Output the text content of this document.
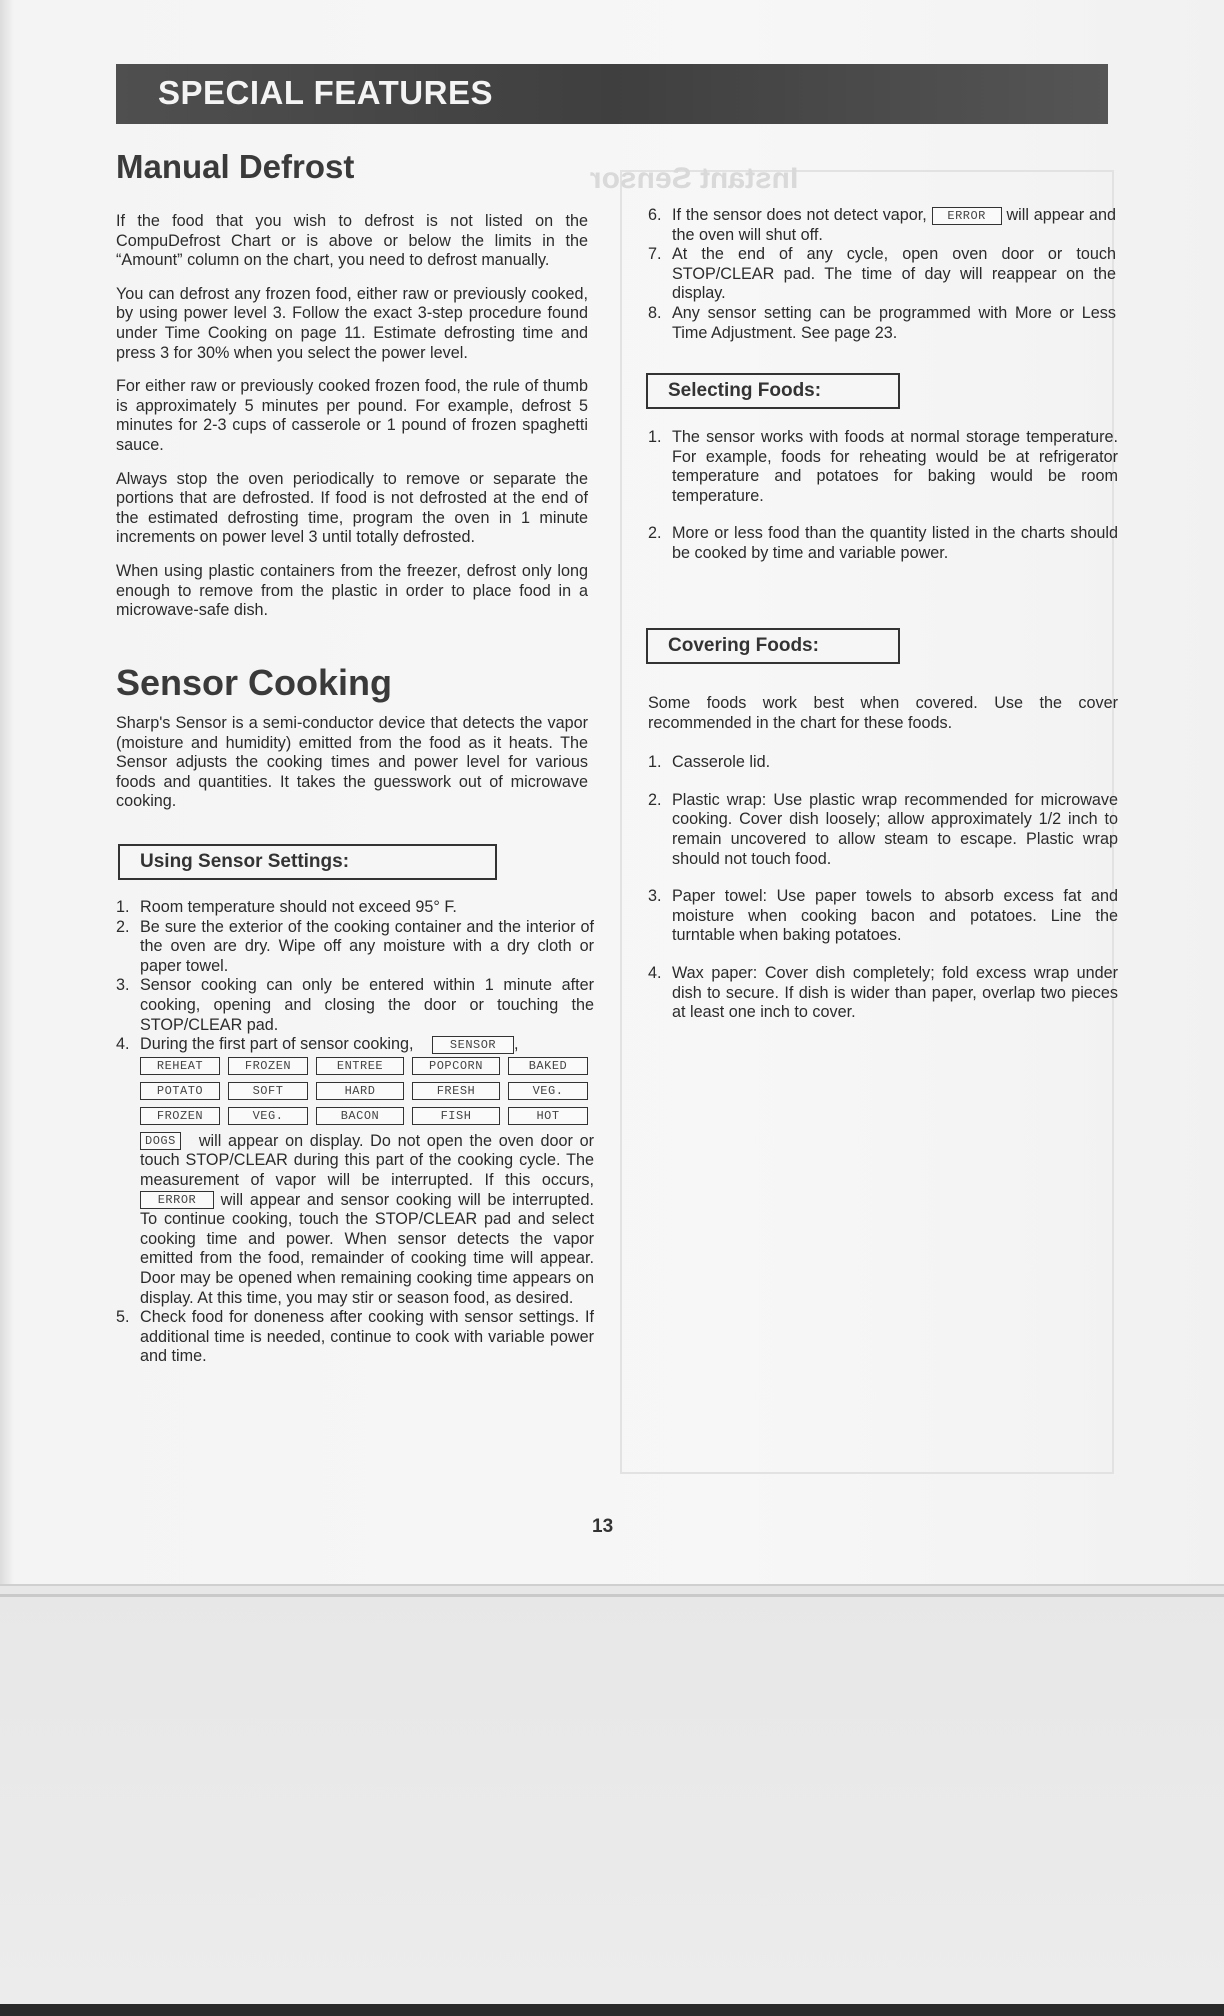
Instant Sensor
SPECIAL FEATURES
Manual Defrost

If the food that you wish to defrost is not listed on the CompuDefrost Chart or is above or below the limits in the “Amount” column on the chart, you need to defrost manually.

You can defrost any frozen food, either raw or previously cooked, by using power level 3. Follow the exact 3-step procedure found under Time Cooking on page 11. Estimate defrosting time and press 3 for 30% when you select the power level.

For either raw or previously cooked frozen food, the rule of thumb is approximately 5 minutes per pound. For example, defrost 5 minutes for 2-3 cups of casserole or 1 pound of frozen spaghetti sauce.

Always stop the oven periodically to remove or separate the portions that are defrosted. If food is not defrosted at the end of the estimated defrosting time, program the oven in 1 minute increments on power level 3 until totally defrosted.

When using plastic containers from the freezer, defrost only long enough to remove from the plastic in order to place food in a microwave-safe dish.

Sensor Cooking

Sharp's Sensor is a semi-conductor device that detects the vapor (moisture and humidity) emitted from the food as it heats. The Sensor adjusts the cooking times and power level for various foods and quantities. It takes the guesswork out of microwave cooking.

Using Sensor Settings:
1. Room temperature should not exceed 95° F.
2. Be sure the exterior of the cooking container and the interior of the oven are dry. Wipe off any moisture with a dry cloth or paper towel.
3. Sensor cooking can only be entered within 1 minute after cooking, opening and closing the door or touching the STOP/CLEAR pad.
4. During the first part of sensor cooking,	SENSOR ,
REHEAT	FROZEN	ENTREE	POPCORN	BAKED
POTATO	SOFT	HARD	FRESH	VEG.
FROZEN	VEG.	BACON	FISH	HOT
DOGS will appear on display. Do not open the oven door or touch STOP/CLEAR during this part of the cooking cycle. The measurement of vapor will be interrupted. If this occurs, ERROR will appear and sensor cooking will be interrupted. To continue cooking, touch the STOP/CLEAR pad and select cooking time and power. When sensor detects the vapor emitted from the food, remainder of cooking time will appear. Door may be opened when remaining cooking time appears on display. At this time, you may stir or season food, as desired.
5. Check food for doneness after cooking with sensor settings. If additional time is needed, continue to cook with variable power and time.
6. If the sensor does not detect vapor, ERROR will appear and the oven will shut off.
7. At the end of any cycle, open oven door or touch STOP/CLEAR pad. The time of day will reappear on the display.
8. Any sensor setting can be programmed with More or Less Time Adjustment. See page 23.
Selecting Foods:
1. The sensor works with foods at normal storage temperature. For example, foods for reheating would be at refrigerator temperature and potatoes for baking would be room temperature.
2. More or less food than the quantity listed in the charts should be cooked by time and variable power.
Covering Foods:

Some foods work best when covered. Use the cover recommended in the chart for these foods.

1. Casserole lid.
2. Plastic wrap: Use plastic wrap recommended for microwave cooking. Cover dish loosely; allow approximately 1/2 inch to remain uncovered to allow steam to escape. Plastic wrap should not touch food.
3. Paper towel: Use paper towels to absorb excess fat and moisture when cooking bacon and potatoes. Line the turntable when baking potatoes.
4. Wax paper: Cover dish completely; fold excess wrap under dish to secure. If dish is wider than paper, overlap two pieces at least one inch to cover.
13
